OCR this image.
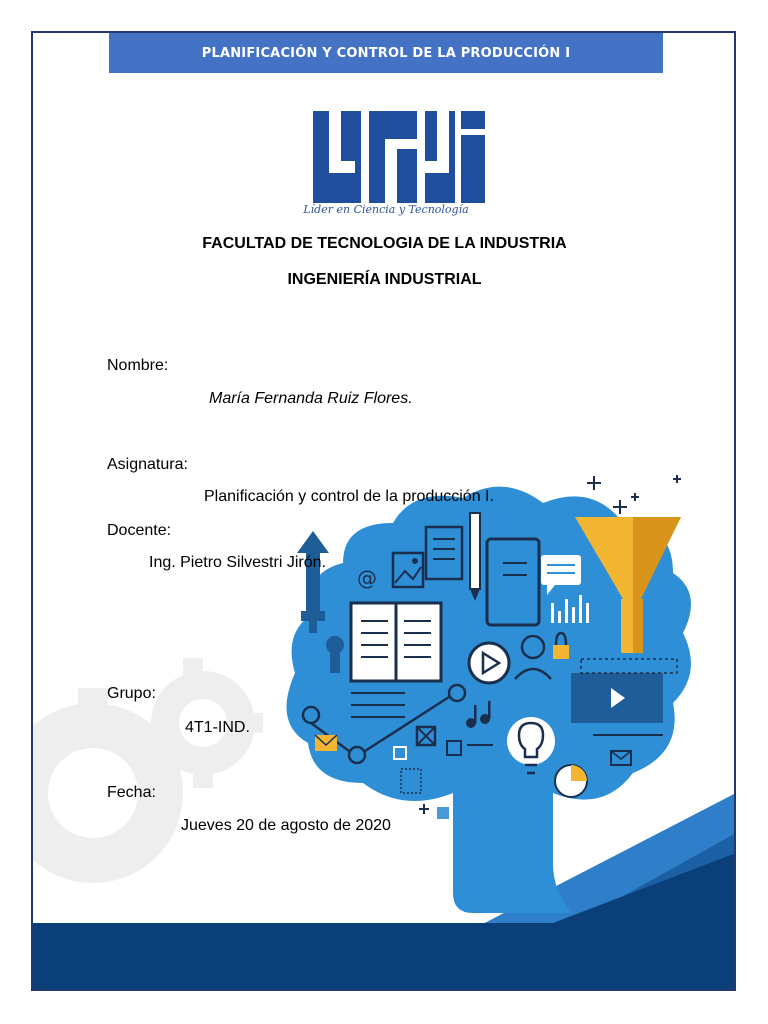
PLANIFICACIÓN Y CONTROL DE LA PRODUCCIÓN I
Líder en Ciencia y Tecnología
FACULTAD DE TECNOLOGIA DE LA INDUSTRIA
INGENIERÍA INDUSTRIAL
@
Nombre:
María Fernanda Ruiz Flores.
Asignatura:
Planificación y control de la producción I.
Docente:
Ing. Pietro Silvestri Jirón.
Grupo:
4T1-IND.
Fecha:
Jueves 20 de agosto de 2020
